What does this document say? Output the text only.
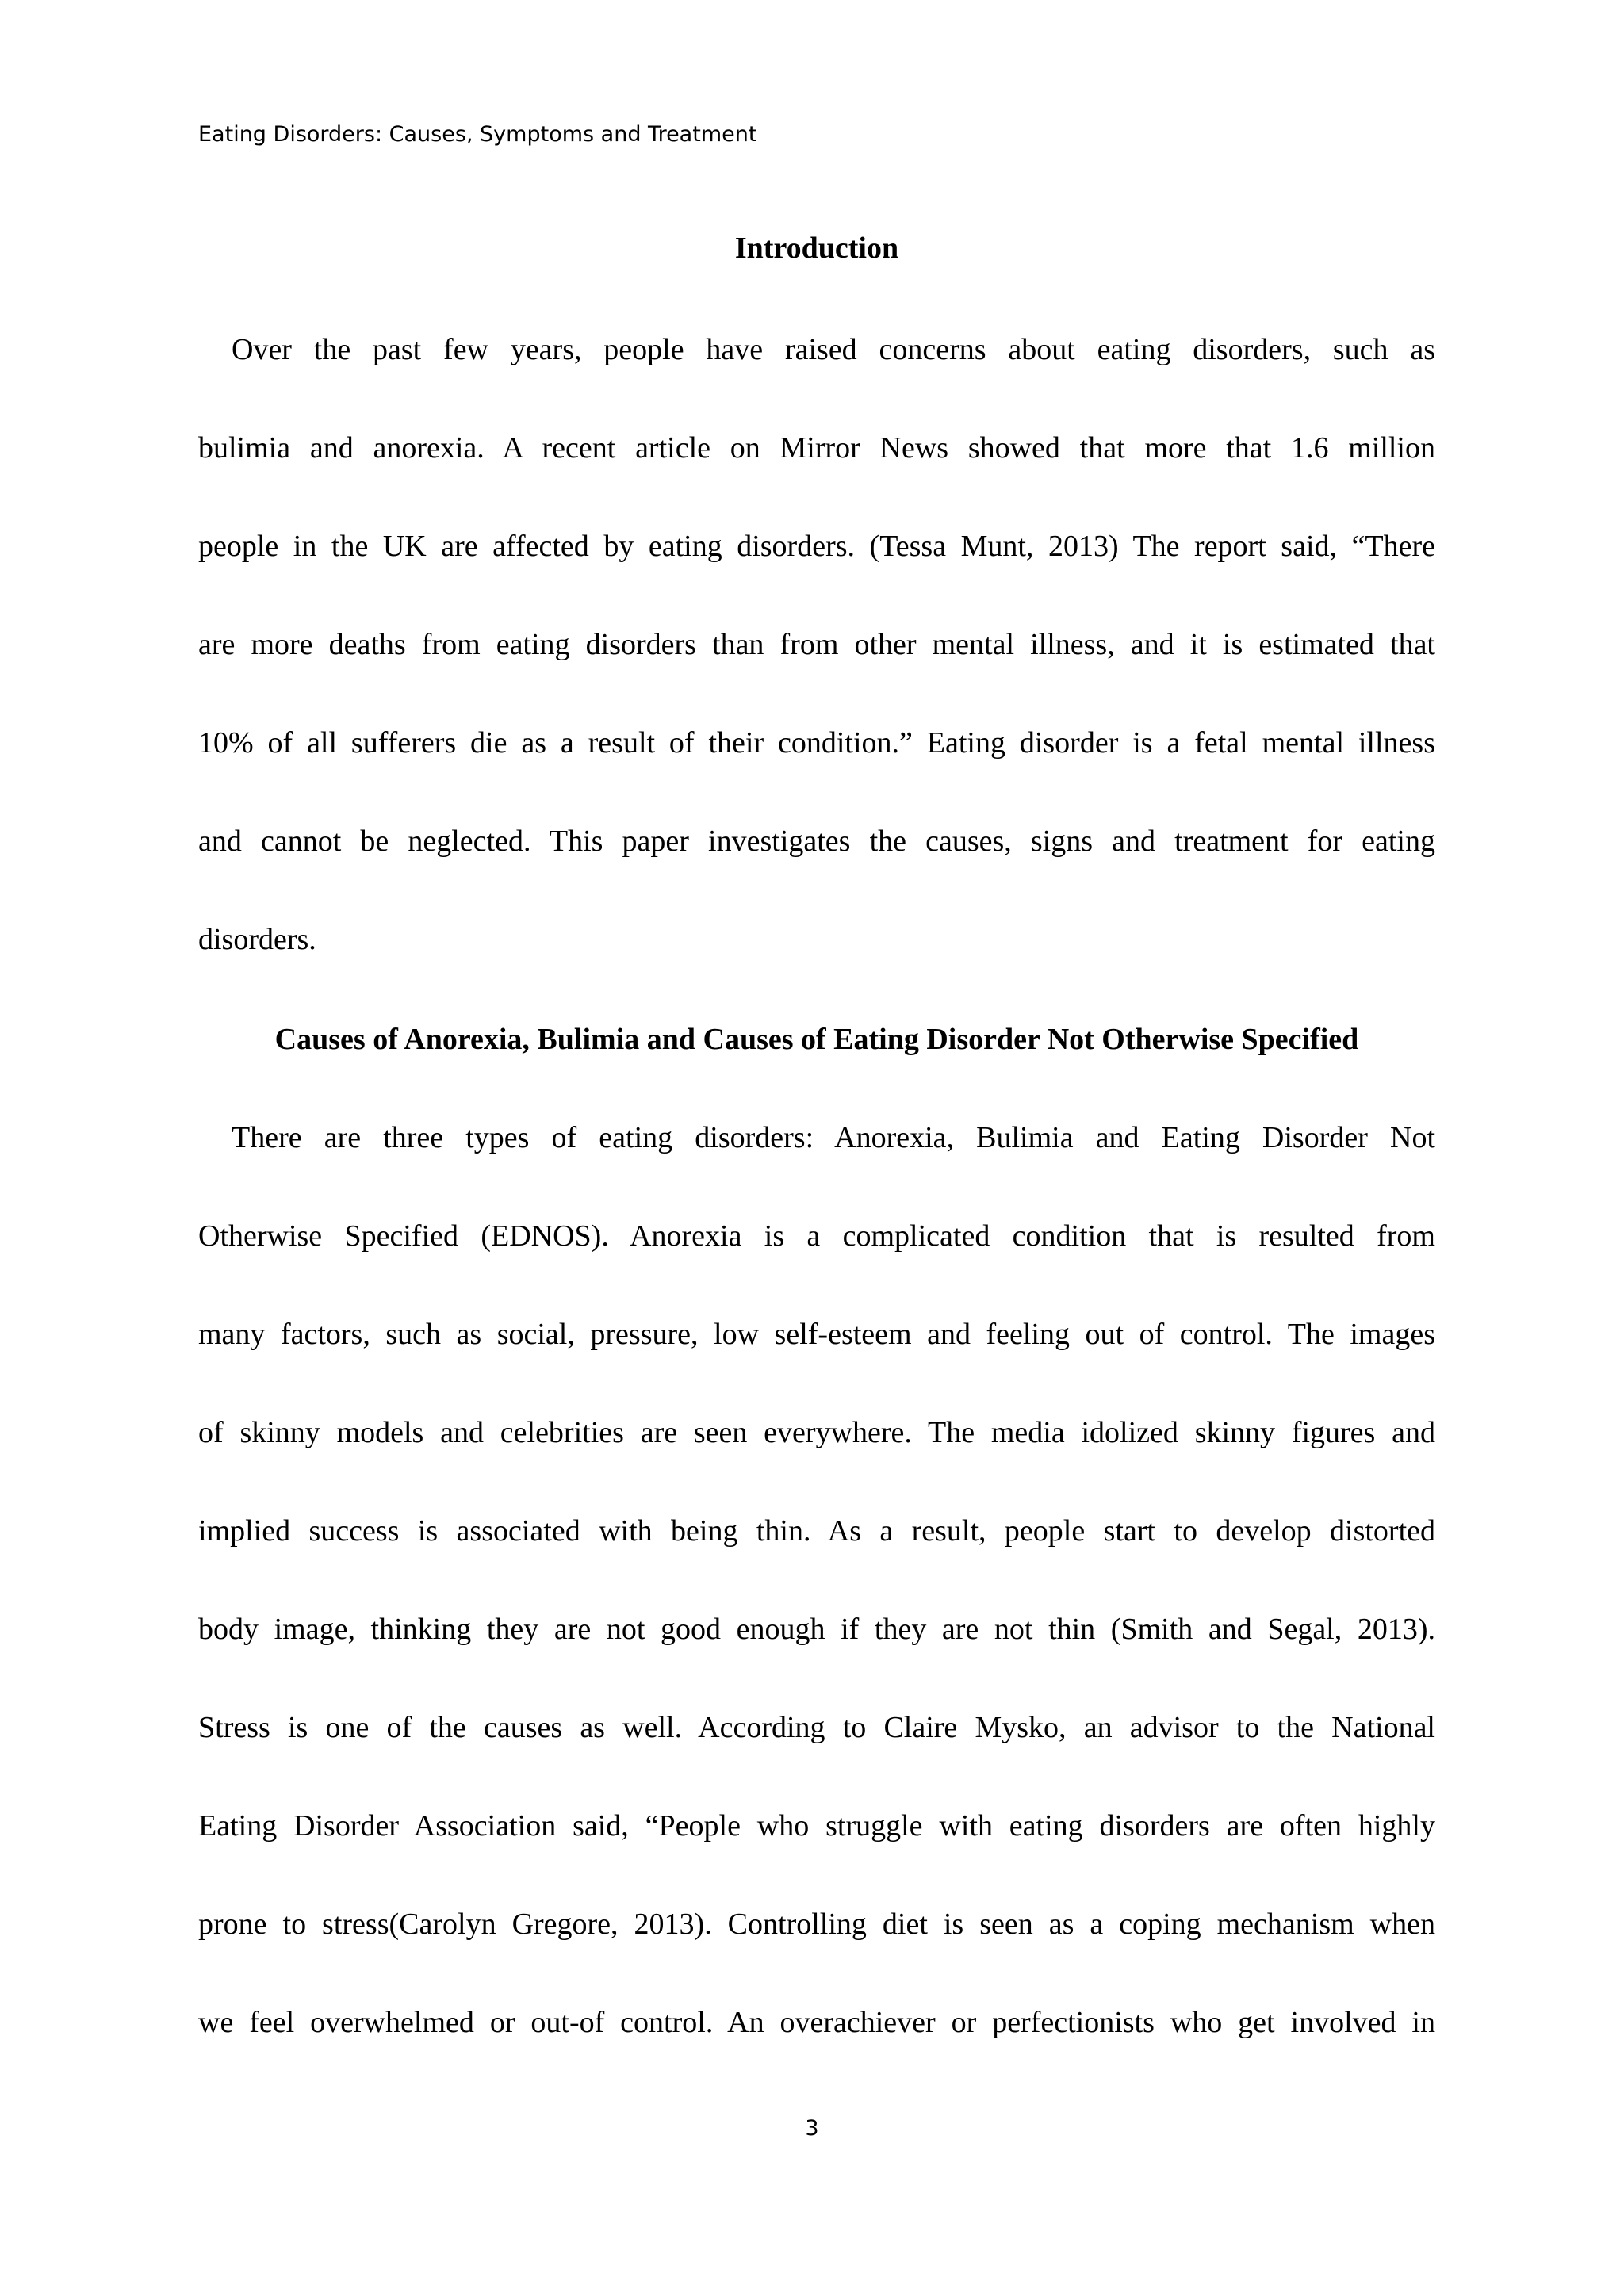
Eating Disorders: Causes, Symptoms and Treatment

Introduction

Over the past few years, people have raised concerns about eating disorders, such as

bulimia and anorexia. A recent article on Mirror News showed that more that 1.6 million

people in the UK are affected by eating disorders. (Tessa Munt, 2013) The report said, “There

are more deaths from eating disorders than from other mental illness, and it is estimated that

10% of all sufferers die as a result of their condition.” Eating disorder is a fetal mental illness

and cannot be neglected. This paper investigates the causes, signs and treatment for eating

disorders.

Causes of Anorexia, Bulimia and Causes of Eating Disorder Not Otherwise Specified

There are three types of eating disorders: Anorexia, Bulimia and Eating Disorder Not

Otherwise Specified (EDNOS). Anorexia is a complicated condition that is resulted from

many factors, such as social, pressure, low self-esteem and feeling out of control. The images

of skinny models and celebrities are seen everywhere. The media idolized skinny figures and

implied success is associated with being thin. As a result, people start to develop distorted

body image, thinking they are not good enough if they are not thin (Smith and Segal, 2013).

Stress is one of the causes as well. According to Claire Mysko, an advisor to the National

Eating Disorder Association said, “People who struggle with eating disorders are often highly

prone to stress(Carolyn Gregore, 2013). Controlling diet is seen as a coping mechanism when

we feel overwhelmed or out-of control. An overachiever or perfectionists who get involved in

3
